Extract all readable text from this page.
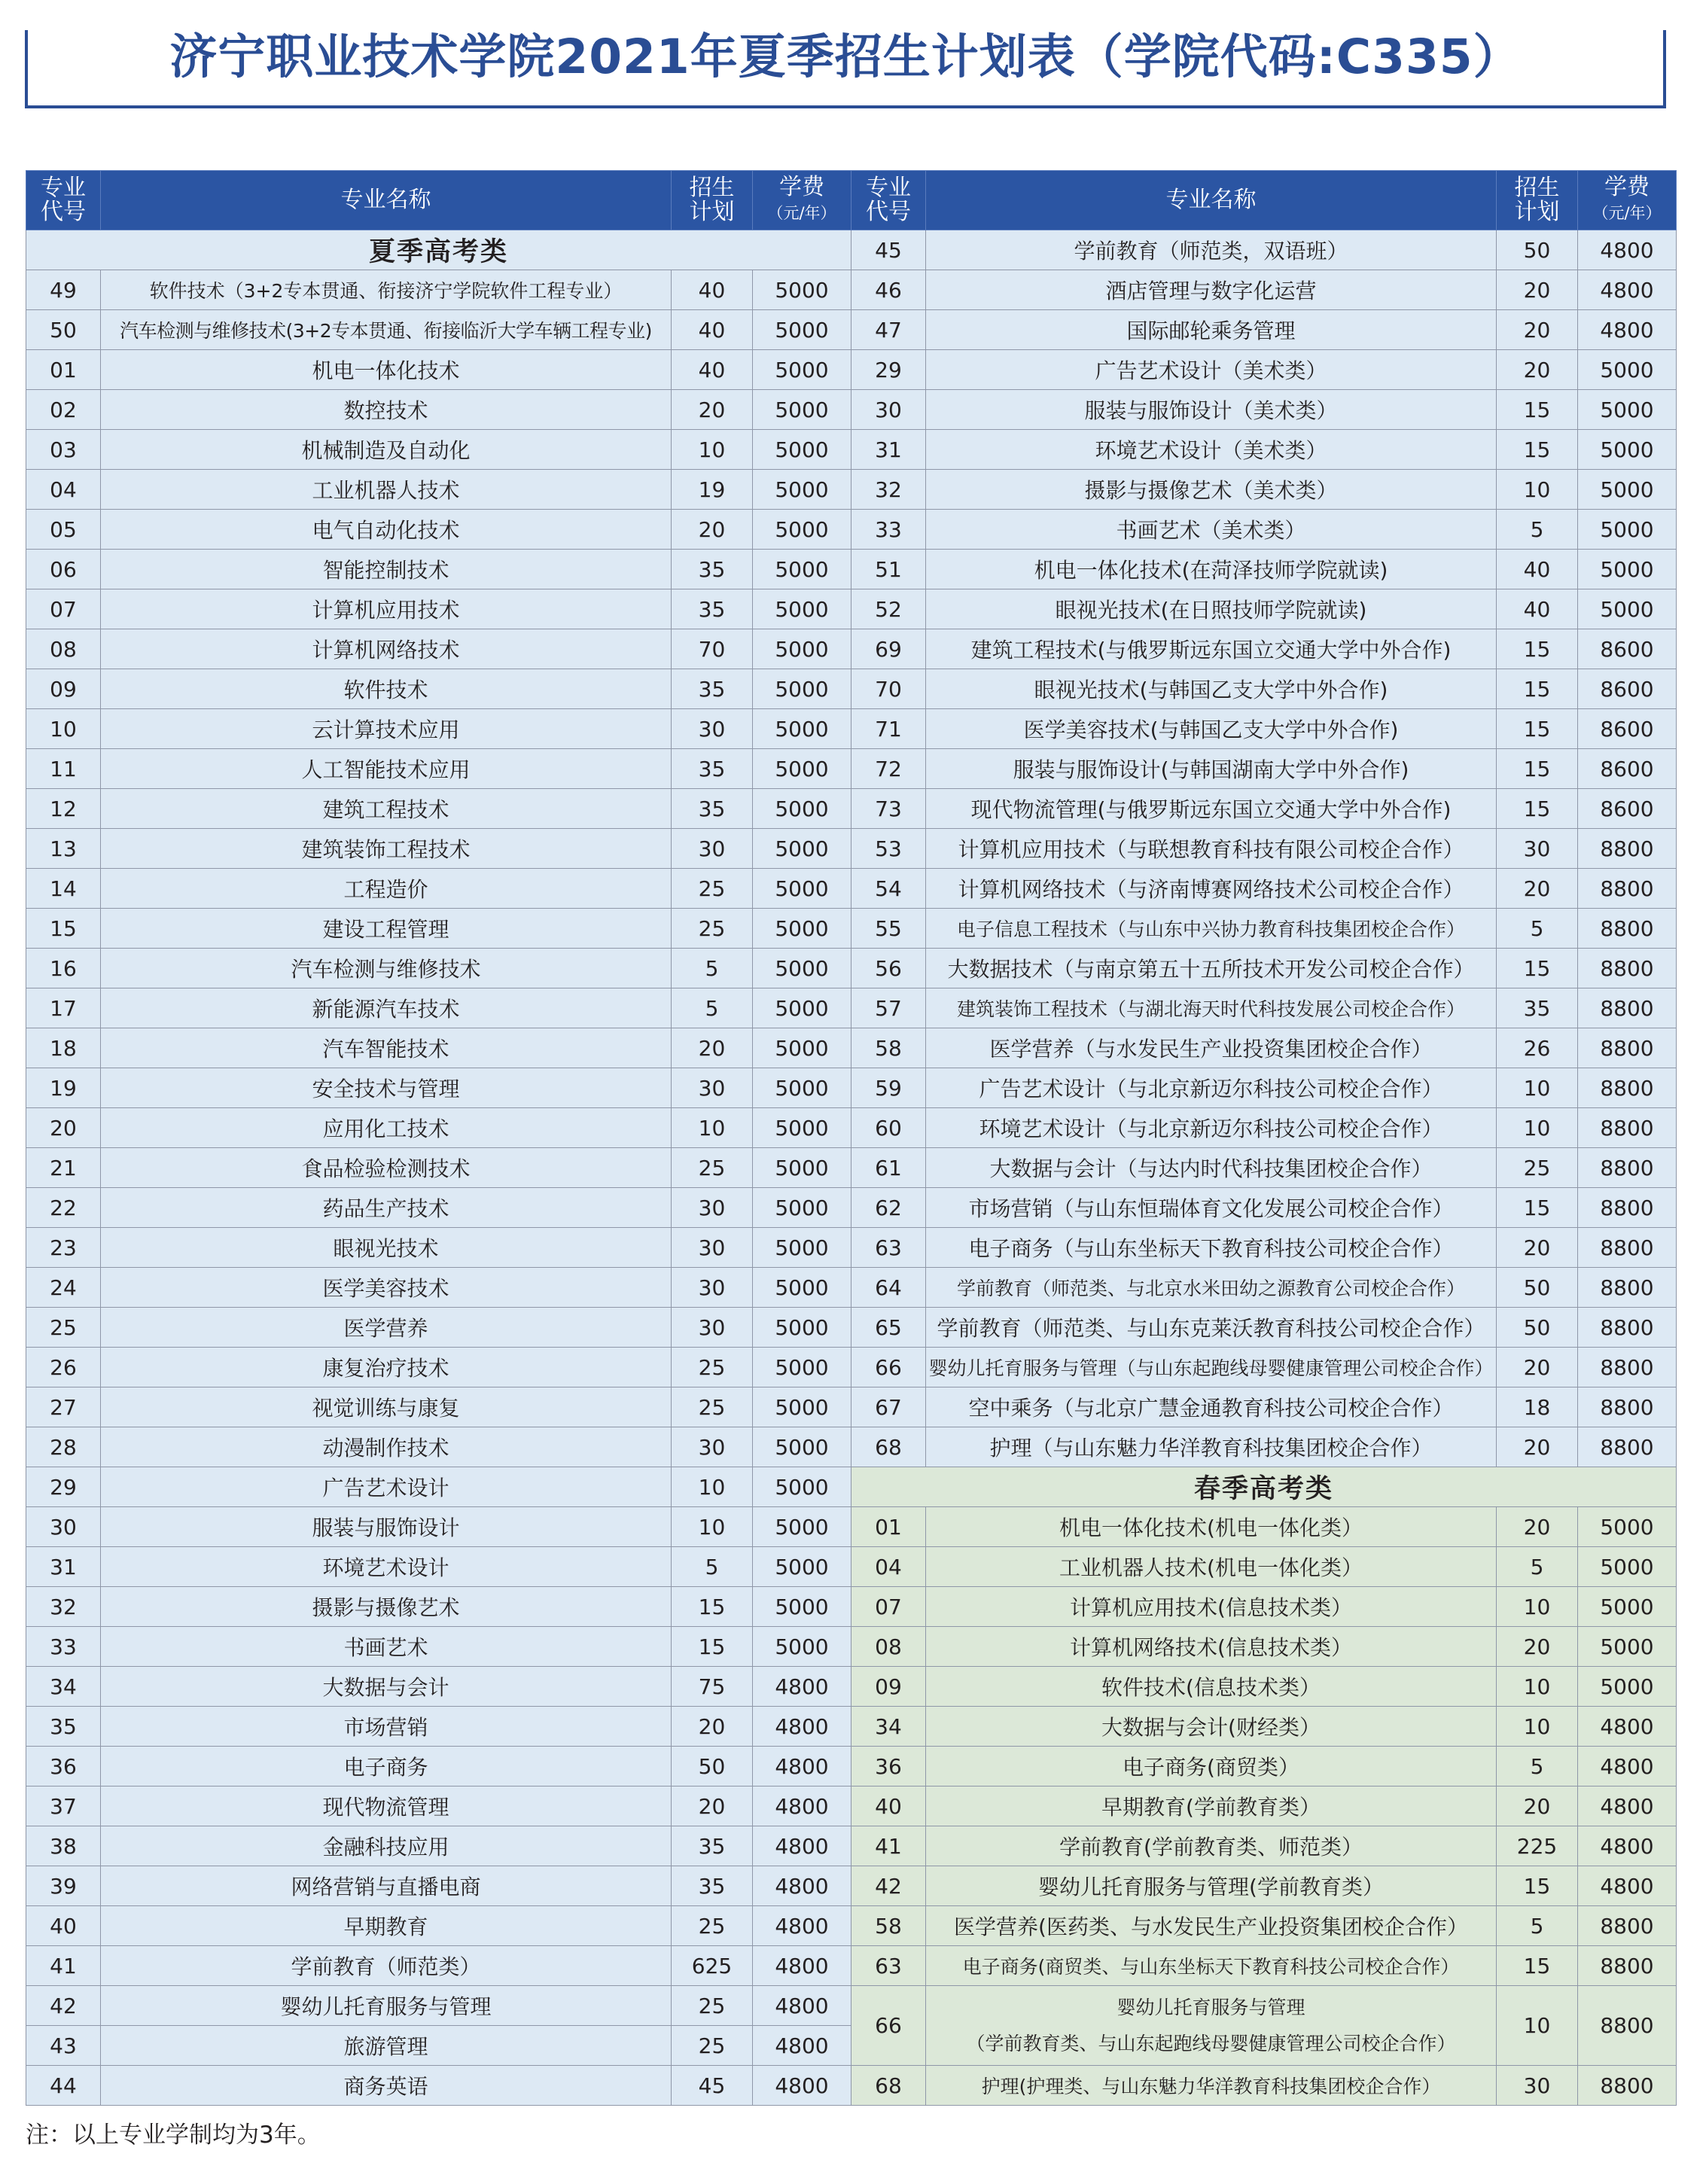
济宁职业技术学院2021年夏季招生计划表（学院代码:C335）
专业
代号	专业名称	招生
计划	学费
（元/年）
夏季高考类			
49	软件技术（3+2专本贯通、衔接济宁学院软件工程专业）	40	5000
50	汽车检测与维修技术(3+2专本贯通、衔接临沂大学车辆工程专业)	40	5000
01	机电一体化技术	40	5000
02	数控技术	20	5000
03	机械制造及自动化	10	5000
04	工业机器人技术	19	5000
05	电气自动化技术	20	5000
06	智能控制技术	35	5000
07	计算机应用技术	35	5000
08	计算机网络技术	70	5000
09	软件技术	35	5000
10	云计算技术应用	30	5000
11	人工智能技术应用	35	5000
12	建筑工程技术	35	5000
13	建筑装饰工程技术	30	5000
14	工程造价	25	5000
15	建设工程管理	25	5000
16	汽车检测与维修技术	5	5000
17	新能源汽车技术	5	5000
18	汽车智能技术	20	5000
19	安全技术与管理	30	5000
20	应用化工技术	10	5000
21	食品检验检测技术	25	5000
22	药品生产技术	30	5000
23	眼视光技术	30	5000
24	医学美容技术	30	5000
25	医学营养	30	5000
26	康复治疗技术	25	5000
27	视觉训练与康复	25	5000
28	动漫制作技术	30	5000
29	广告艺术设计	10	5000
30	服装与服饰设计	10	5000
31	环境艺术设计	5	5000
32	摄影与摄像艺术	15	5000
33	书画艺术	15	5000
34	大数据与会计	75	4800
35	市场营销	20	4800
36	电子商务	50	4800
37	现代物流管理	20	4800
38	金融科技应用	35	4800
39	网络营销与直播电商	35	4800
40	早期教育	25	4800
41	学前教育（师范类）	625	4800
42	婴幼儿托育服务与管理	25	4800
43	旅游管理	25	4800
44	商务英语	45	4800
专业
代号	专业名称	招生
计划	学费
（元/年）
45	学前教育（师范类，双语班）	50	4800
46	酒店管理与数字化运营	20	4800
47	国际邮轮乘务管理	20	4800
29	广告艺术设计（美术类）	20	5000
30	服装与服饰设计（美术类）	15	5000
31	环境艺术设计（美术类）	15	5000
32	摄影与摄像艺术（美术类）	10	5000
33	书画艺术（美术类）	5	5000
51	机电一体化技术(在菏泽技师学院就读)	40	5000
52	眼视光技术(在日照技师学院就读)	40	5000
69	建筑工程技术(与俄罗斯远东国立交通大学中外合作)	15	8600
70	眼视光技术(与韩国乙支大学中外合作)	15	8600
71	医学美容技术(与韩国乙支大学中外合作)	15	8600
72	服装与服饰设计(与韩国湖南大学中外合作)	15	8600
73	现代物流管理(与俄罗斯远东国立交通大学中外合作)	15	8600
53	计算机应用技术（与联想教育科技有限公司校企合作）	30	8800
54	计算机网络技术（与济南博赛网络技术公司校企合作）	20	8800
55	电子信息工程技术（与山东中兴协力教育科技集团校企合作）	5	8800
56	大数据技术（与南京第五十五所技术开发公司校企合作）	15	8800
57	建筑装饰工程技术（与湖北海天时代科技发展公司校企合作）	35	8800
58	医学营养（与水发民生产业投资集团校企合作）	26	8800
59	广告艺术设计（与北京新迈尔科技公司校企合作）	10	8800
60	环境艺术设计（与北京新迈尔科技公司校企合作）	10	8800
61	大数据与会计（与达内时代科技集团校企合作）	25	8800
62	市场营销（与山东恒瑞体育文化发展公司校企合作）	15	8800
63	电子商务（与山东坐标天下教育科技公司校企合作）	20	8800
64	学前教育（师范类、与北京水米田幼之源教育公司校企合作）	50	8800
65	学前教育（师范类、与山东克莱沃教育科技公司校企合作）	50	8800
66	婴幼儿托育服务与管理（与山东起跑线母婴健康管理公司校企合作）	20	8800
67	空中乘务（与北京广慧金通教育科技公司校企合作）	18	8800
68	护理（与山东魅力华洋教育科技集团校企合作）	20	8800
春季高考类			
01	机电一体化技术(机电一体化类）	20	5000
04	工业机器人技术(机电一体化类）	5	5000
07	计算机应用技术(信息技术类）	10	5000
08	计算机网络技术(信息技术类）	20	5000
09	软件技术(信息技术类）	10	5000
34	大数据与会计(财经类）	10	4800
36	电子商务(商贸类）	5	4800
40	早期教育(学前教育类）	20	4800
41	学前教育(学前教育类、师范类）	225	4800
42	婴幼儿托育服务与管理(学前教育类）	15	4800
58	医学营养(医药类、与水发民生产业投资集团校企合作）	5	8800
63	电子商务(商贸类、与山东坐标天下教育科技公司校企合作）	15	8800
66	婴幼儿托育服务与管理
（学前教育类、与山东起跑线母婴健康管理公司校企合作）	10	8800
68	护理(护理类、与山东魅力华洋教育科技集团校企合作）	30	8800
注：以上专业学制均为3年。
